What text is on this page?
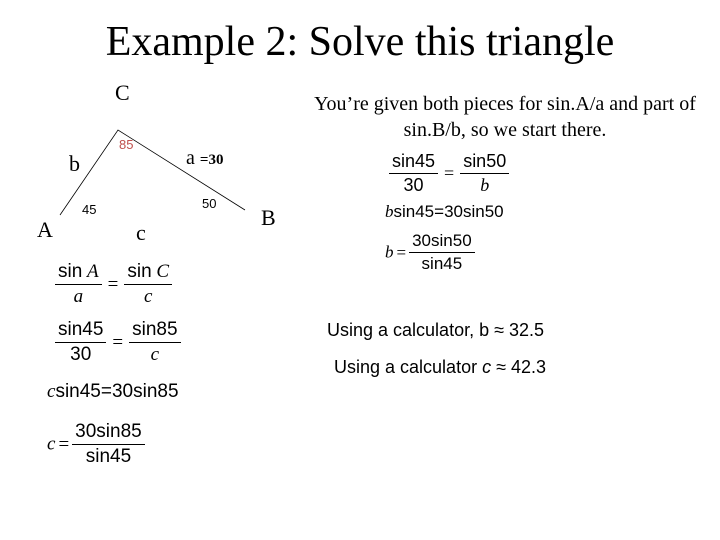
Example 2: Solve this triangle
C
A	B
b
c
a =30
85
45	50
You’re given both pieces for sin.A/a and part of sin.B/b, so we start there.
$\frac{\text{sin A}}{a} = \frac{\text{sin C}}{c}$
$\frac{\sin 45}{30} = \frac{\sin 85}{c}$
csin45=30sin85
$c = \frac{30\sin 85}{\sin 45}$
$\frac{\sin 45}{30} = \frac{\sin 50}{b}$
bsin45=30sin50
$b = \frac{30\sin 50}{\sin 45}$
Using a calculator, b ≈ 32.5
Using a calculator c ≈ 42.3
